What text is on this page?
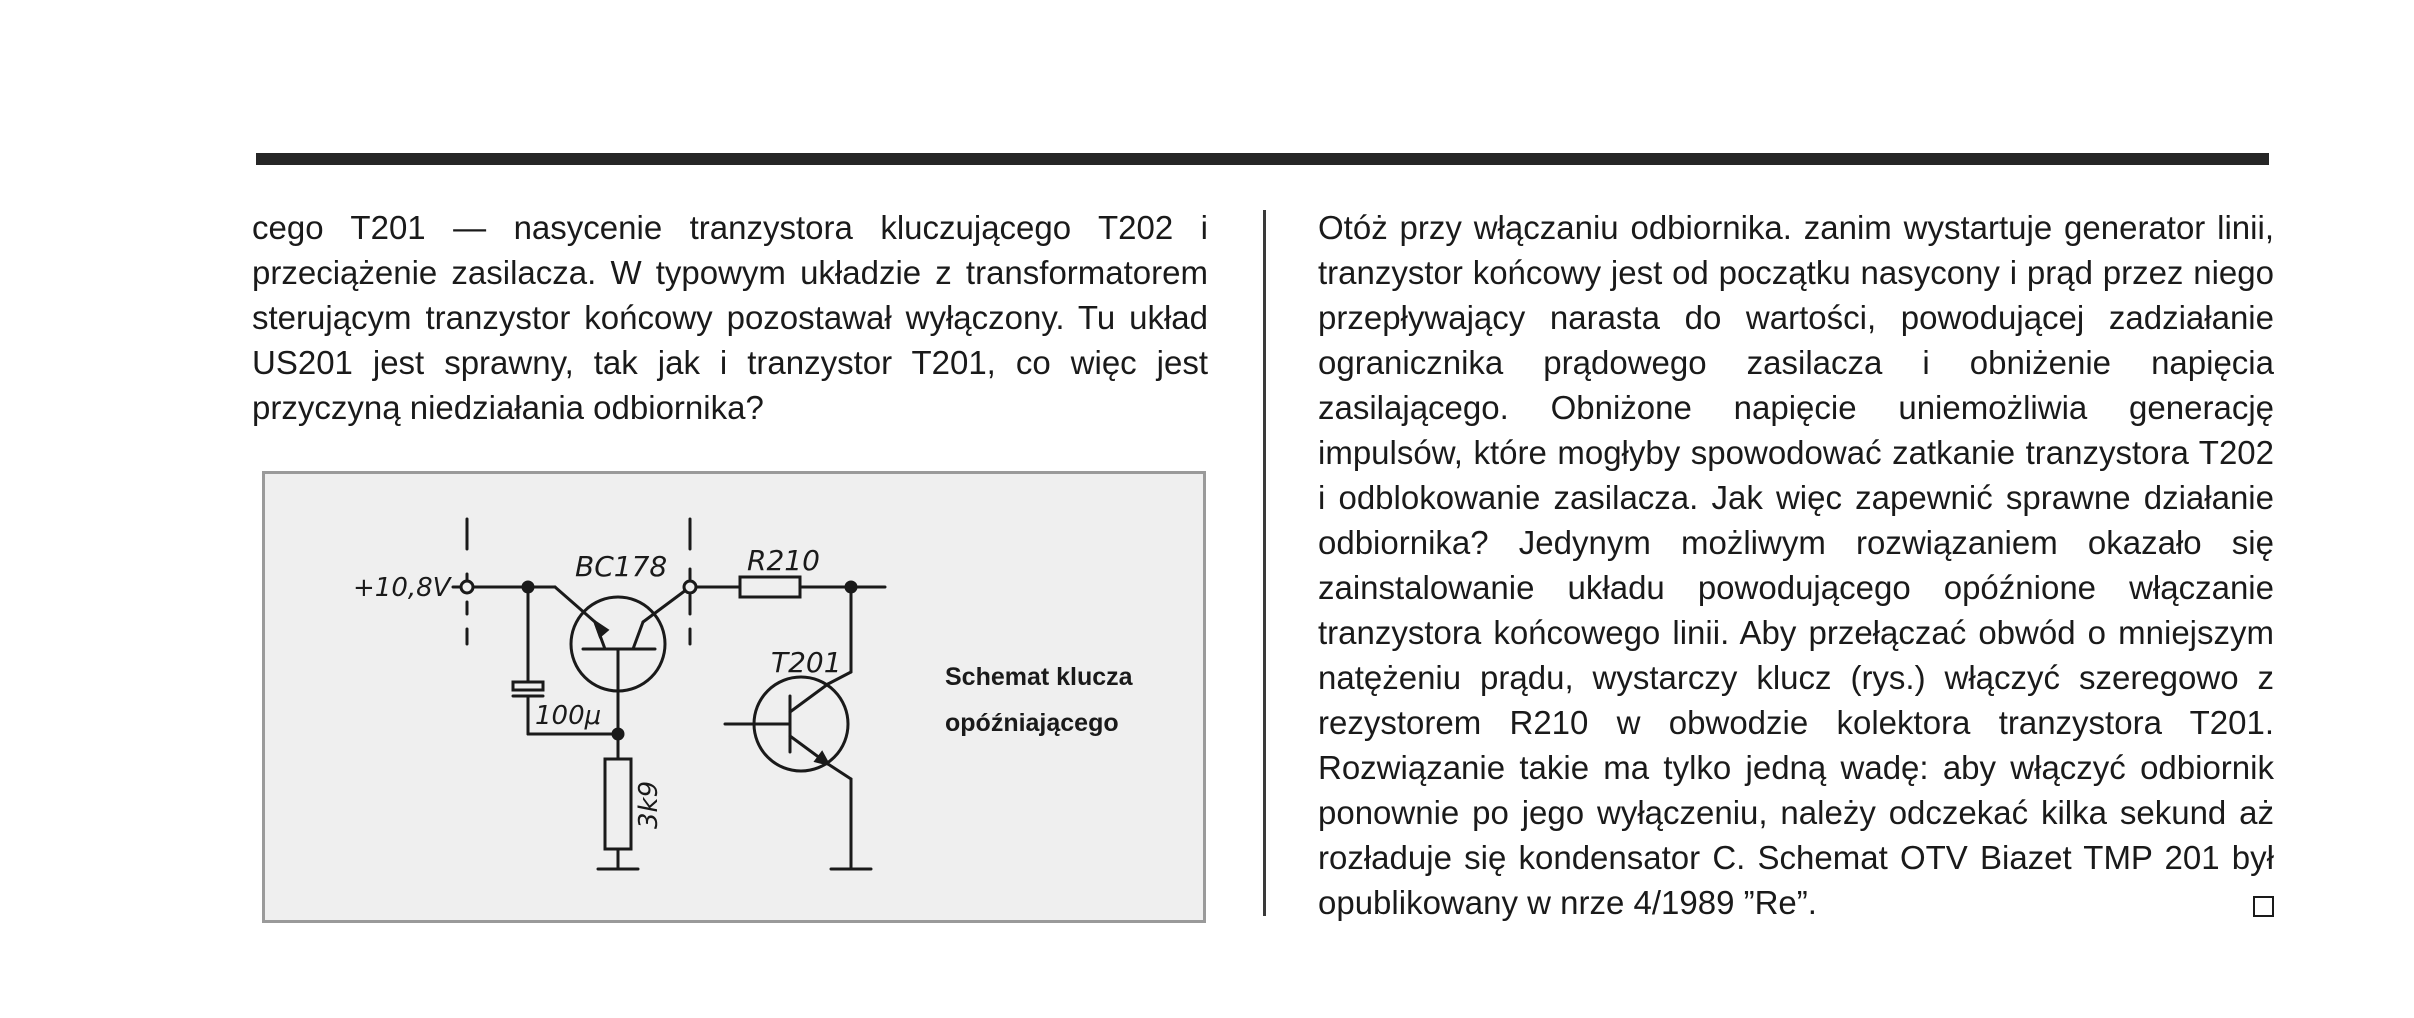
cego T201 — nasycenie tranzystora kluczującego T202 i przeciążenie zasilacza. W typowym układzie z transformatorem sterującym tranzystor końcowy pozostawał wyłączony. Tu układ US201 jest sprawny, tak jak i tranzystor T201, co więc jest przyczyną niedziałania odbiornika?

Otóż przy włączaniu odbiornika. zanim wystartuje generator linii, tranzystor końcowy jest od początku nasycony i prąd przez niego przepływający narasta do wartości, powodującej zadziałanie ogranicznika prądowego zasilacza i obniżenie napięcia zasilającego. Obniżone napięcie uniemożliwia generację impulsów, które mogłyby spowodować zatkanie tranzystora T202 i odblokowanie zasilacza. Jak więc zapewnić sprawne działanie odbiornika? Jedynym możliwym rozwiązaniem okazało się zainstalowanie układu powodującego opóźnione włączanie tranzystora końcowego linii. Aby przełączać obwód o mniejszym natężeniu prądu, wystarczy klucz (rys.) włączyć szeregowo z rezystorem R210 w obwodzie kolektora tranzystora T201. Rozwiązanie takie ma tylko jedną wadę: aby włączyć odbiornik ponownie po jego wyłączeniu, należy odczekać kilka sekund aż rozładuje się kondensator C. Schemat OTV Biazet TMP 201 był opublikowany w nrze 4/1989 ”Re”.

+10,8V
BC178	R210
T201
100μ
3k9
Schemat klucza opóźniającego
